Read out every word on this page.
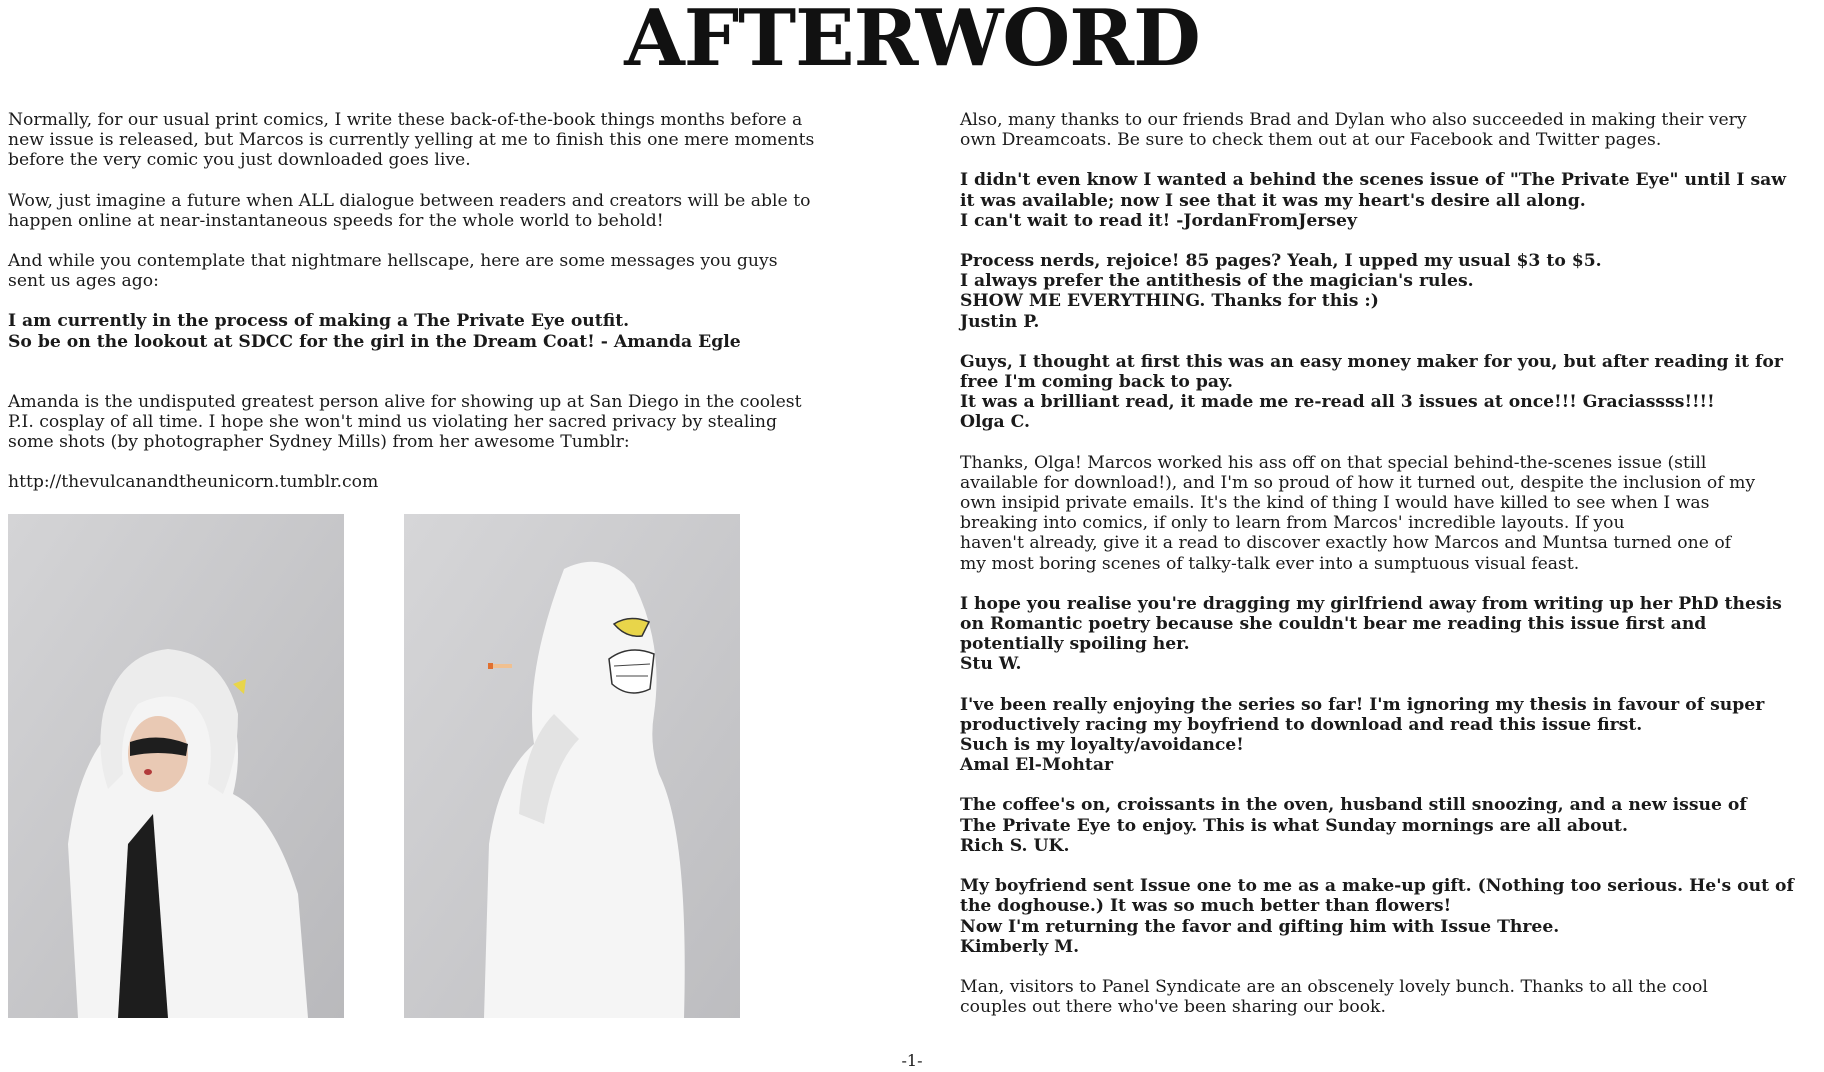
AFTERWORD

Normally, for our usual print comics, I write these back-of-the-book things months before a
new issue is released, but Marcos is currently yelling at me to finish this one mere moments
before the very comic you just downloaded goes live.

Wow, just imagine a future when ALL dialogue between readers and creators will be able to
happen online at near-instantaneous speeds for the whole world to behold!

And while you contemplate that nightmare hellscape, here are some messages you guys
sent us ages ago:

I am currently in the process of making a The Private Eye outfit.
So be on the lookout at SDCC for the girl in the Dream Coat! - Amanda Egle

Amanda is the undisputed greatest person alive for showing up at San Diego in the coolest
P.I. cosplay of all time. I hope she won't mind us violating her sacred privacy by stealing
some shots (by photographer Sydney Mills) from her awesome Tumblr:

http://thevulcanandtheunicorn.tumblr.com

Also, many thanks to our friends Brad and Dylan who also succeeded in making their very
own Dreamcoats. Be sure to check them out at our Facebook and Twitter pages.

I didn't even know I wanted a behind the scenes issue of "The Private Eye" until I saw
it was available; now I see that it was my heart's desire all along.
I can't wait to read it! -JordanFromJersey

Process nerds, rejoice! 85 pages? Yeah, I upped my usual $3 to $5.
I always prefer the antithesis of the magician's rules.
SHOW ME EVERYTHING. Thanks for this :)
Justin P.

Guys, I thought at first this was an easy money maker for you, but after reading it for
free I'm coming back to pay.
It was a brilliant read, it made me re-read all 3 issues at once!!! Graciassss!!!!
Olga C.

Thanks, Olga! Marcos worked his ass off on that special behind-the-scenes issue (still
available for download!), and I'm so proud of how it turned out, despite the inclusion of my
own insipid private emails. It's the kind of thing I would have killed to see when I was
breaking into comics, if only to learn from Marcos' incredible layouts. If you
haven't already, give it a read to discover exactly how Marcos and Muntsa turned one of
my most boring scenes of talky-talk ever into a sumptuous visual feast.

I hope you realise you're dragging my girlfriend away from writing up her PhD thesis
on Romantic poetry because she couldn't bear me reading this issue first and
potentially spoiling her.
Stu W.

I've been really enjoying the series so far! I'm ignoring my thesis in favour of super
productively racing my boyfriend to download and read this issue first.
Such is my loyalty/avoidance!
Amal El-Mohtar

The coffee's on, croissants in the oven, husband still snoozing, and a new issue of
The Private Eye to enjoy. This is what Sunday mornings are all about.
Rich S. UK.

My boyfriend sent Issue one to me as a make-up gift. (Nothing too serious. He's out of
the doghouse.) It was so much better than flowers!
Now I'm returning the favor and gifting him with Issue Three.
Kimberly M.

Man, visitors to Panel Syndicate are an obscenely lovely bunch. Thanks to all the cool
couples out there who've been sharing our book.

-1-
